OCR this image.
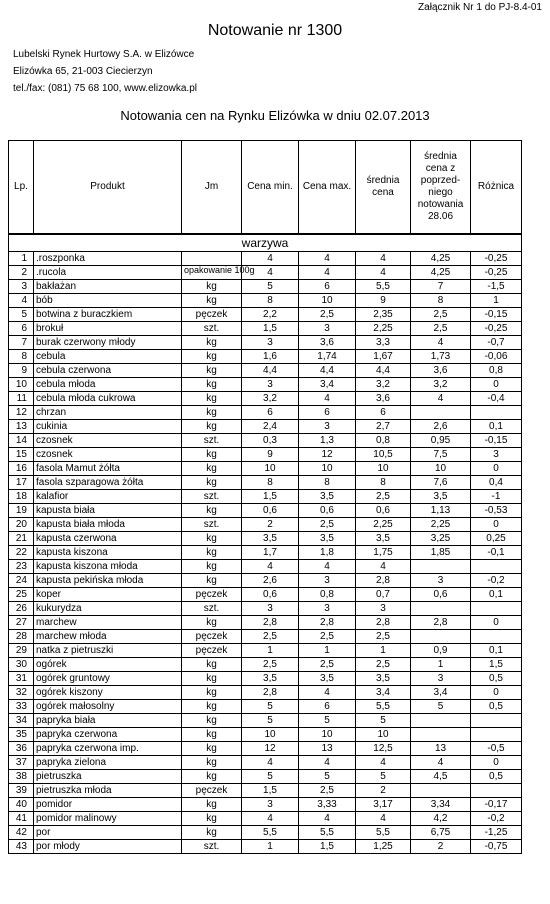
Załącznik Nr 1 do PJ-8.4-01
Notowanie nr 1300
Lubelski Rynek Hurtowy S.A. w Elizówce
Elizówka 65, 21-003 Ciecierzyn
tel./fax: (081) 75 68 100, www.elizowka.pl
Notowania cen na Rynku Elizówka w dniu 02.07.2013
Lp.	Produkt	Jm	Cena min.	Cena max.	średnia cena	średnia cena z poprzed-niego notowania 28.06	Różnica
warzywa							
1	.roszponka		4	4	4	4,25	-0,25
2	.rucola	opakowanie 100g	4	4	4	4,25	-0,25
3	bakłażan	kg	5	6	5,5	7	-1,5
4	bób	kg	8	10	9	8	1
5	botwina z buraczkiem	pęczek	2,2	2,5	2,35	2,5	-0,15
6	brokuł	szt.	1,5	3	2,25	2,5	-0,25
7	burak czerwony młody	kg	3	3,6	3,3	4	-0,7
8	cebula	kg	1,6	1,74	1,67	1,73	-0,06
9	cebula czerwona	kg	4,4	4,4	4,4	3,6	0,8
10	cebula młoda	kg	3	3,4	3,2	3,2	0
11	cebula młoda cukrowa	kg	3,2	4	3,6	4	-0,4
12	chrzan	kg	6	6	6		
13	cukinia	kg	2,4	3	2,7	2,6	0,1
14	czosnek	szt.	0,3	1,3	0,8	0,95	-0,15
15	czosnek	kg	9	12	10,5	7,5	3
16	fasola Mamut żółta	kg	10	10	10	10	0
17	fasola szparagowa żółta	kg	8	8	8	7,6	0,4
18	kalafior	szt.	1,5	3,5	2,5	3,5	-1
19	kapusta biała	kg	0,6	0,6	0,6	1,13	-0,53
20	kapusta biała młoda	szt.	2	2,5	2,25	2,25	0
21	kapusta czerwona	kg	3,5	3,5	3,5	3,25	0,25
22	kapusta kiszona	kg	1,7	1,8	1,75	1,85	-0,1
23	kapusta kiszona młoda	kg	4	4	4		
24	kapusta pekińska młoda	kg	2,6	3	2,8	3	-0,2
25	koper	pęczek	0,6	0,8	0,7	0,6	0,1
26	kukurydza	szt.	3	3	3		
27	marchew	kg	2,8	2,8	2,8	2,8	0
28	marchew młoda	pęczek	2,5	2,5	2,5		
29	natka z pietruszki	pęczek	1	1	1	0,9	0,1
30	ogórek	kg	2,5	2,5	2,5	1	1,5
31	ogórek gruntowy	kg	3,5	3,5	3,5	3	0,5
32	ogórek kiszony	kg	2,8	4	3,4	3,4	0
33	ogórek małosolny	kg	5	6	5,5	5	0,5
34	papryka biała	kg	5	5	5		
35	papryka czerwona	kg	10	10	10		
36	papryka czerwona imp.	kg	12	13	12,5	13	-0,5
37	papryka zielona	kg	4	4	4	4	0
38	pietruszka	kg	5	5	5	4,5	0,5
39	pietruszka młoda	pęczek	1,5	2,5	2		
40	pomidor	kg	3	3,33	3,17	3,34	-0,17
41	pomidor malinowy	kg	4	4	4	4,2	-0,2
42	por	kg	5,5	5,5	5,5	6,75	-1,25
43	por młody	szt.	1	1,5	1,25	2	-0,75
